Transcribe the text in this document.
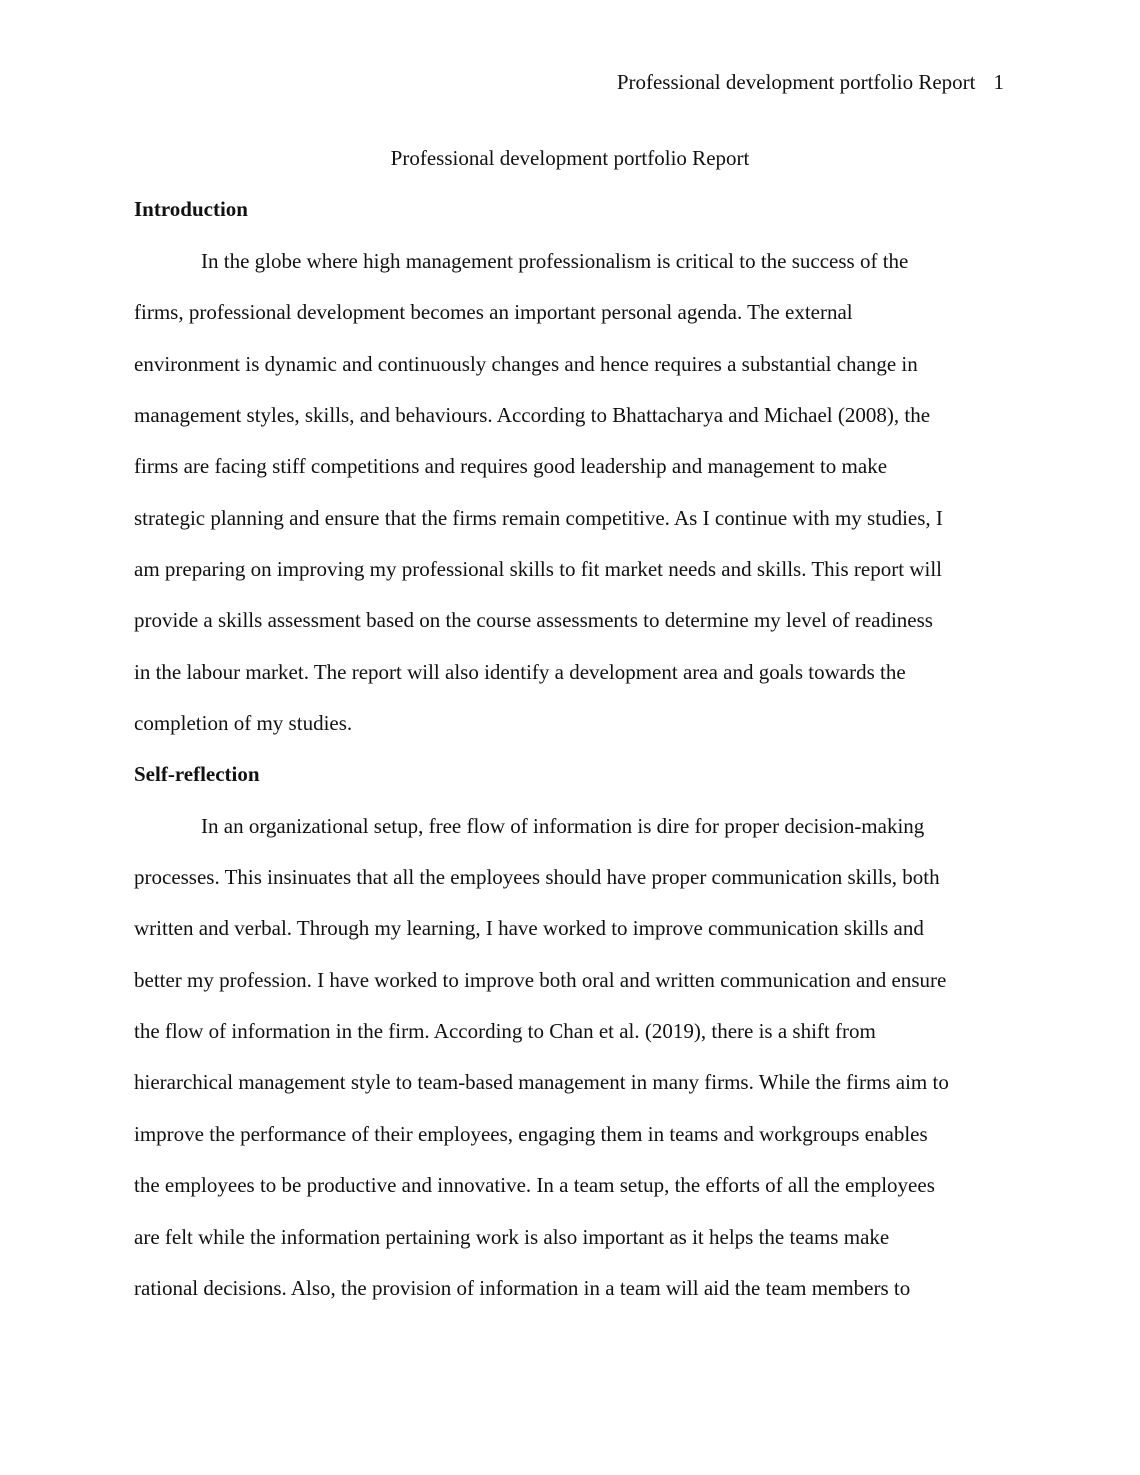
Professional development portfolio Report 1
Professional development portfolio Report
Introduction
In the globe where high management professionalism is critical to the success of the
firms, professional development becomes an important personal agenda. The external
environment is dynamic and continuously changes and hence requires a substantial change in
management styles, skills, and behaviours. According to Bhattacharya and Michael (2008), the
firms are facing stiff competitions and requires good leadership and management to make
strategic planning and ensure that the firms remain competitive. As I continue with my studies, I
am preparing on improving my professional skills to fit market needs and skills. This report will
provide a skills assessment based on the course assessments to determine my level of readiness
in the labour market. The report will also identify a development area and goals towards the
completion of my studies.
Self-reflection
In an organizational setup, free flow of information is dire for proper decision-making
processes. This insinuates that all the employees should have proper communication skills, both
written and verbal. Through my learning, I have worked to improve communication skills and
better my profession. I have worked to improve both oral and written communication and ensure
the flow of information in the firm. According to Chan et al. (2019), there is a shift from
hierarchical management style to team-based management in many firms. While the firms aim to
improve the performance of their employees, engaging them in teams and workgroups enables
the employees to be productive and innovative. In a team setup, the efforts of all the employees
are felt while the information pertaining work is also important as it helps the teams make
rational decisions. Also, the provision of information in a team will aid the team members to
